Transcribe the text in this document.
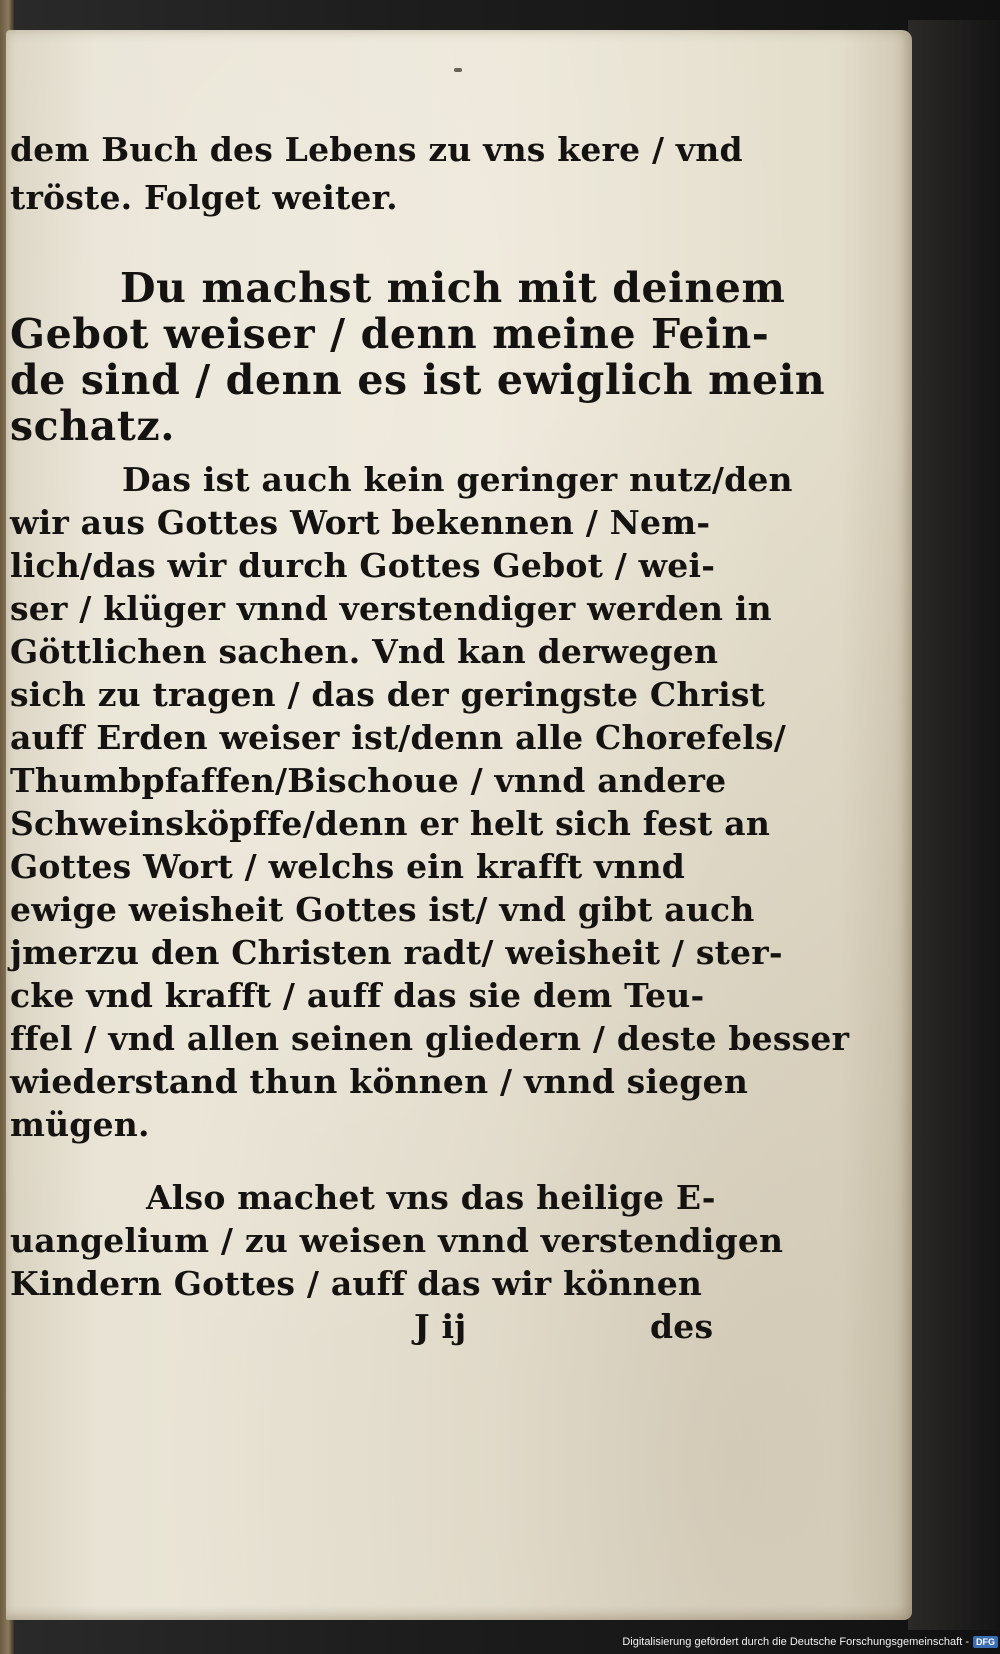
dem Buch des Lebens zu vns kere / vnd
tröste. Folget weiter.
Du machst mich mit deinem
Gebot weiser / denn meine Fein-
de sind / denn es ist ewiglich mein
schatz.
Das ist auch kein geringer nutz/den
wir aus Gottes Wort bekennen / Nem-
lich/das wir durch Gottes Gebot / wei-
ser / klüger vnnd verstendiger werden in
Göttlichen sachen. Vnd kan derwegen
sich zu tragen / das der geringste Christ
auff Erden weiser ist/denn alle Chorefels/
Thumbpfaffen/Bischoue / vnnd andere
Schweinsköpffe/denn er helt sich fest an
Gottes Wort / welchs ein krafft vnnd
ewige weisheit Gottes ist/ vnd gibt auch
jmerzu den Christen radt/ weisheit / ster-
cke vnd krafft / auff das sie dem Teu-
ffel / vnd allen seinen gliedern / deste besser
wiederstand thun können / vnnd siegen
mügen.
Also machet vns das heilige E-
uangelium / zu weisen vnnd verstendigen
Kindern Gottes / auff das wir können
J ij	des
Digitalisierung gefördert durch die Deutsche Forschungsgemeinschaft - DFG
